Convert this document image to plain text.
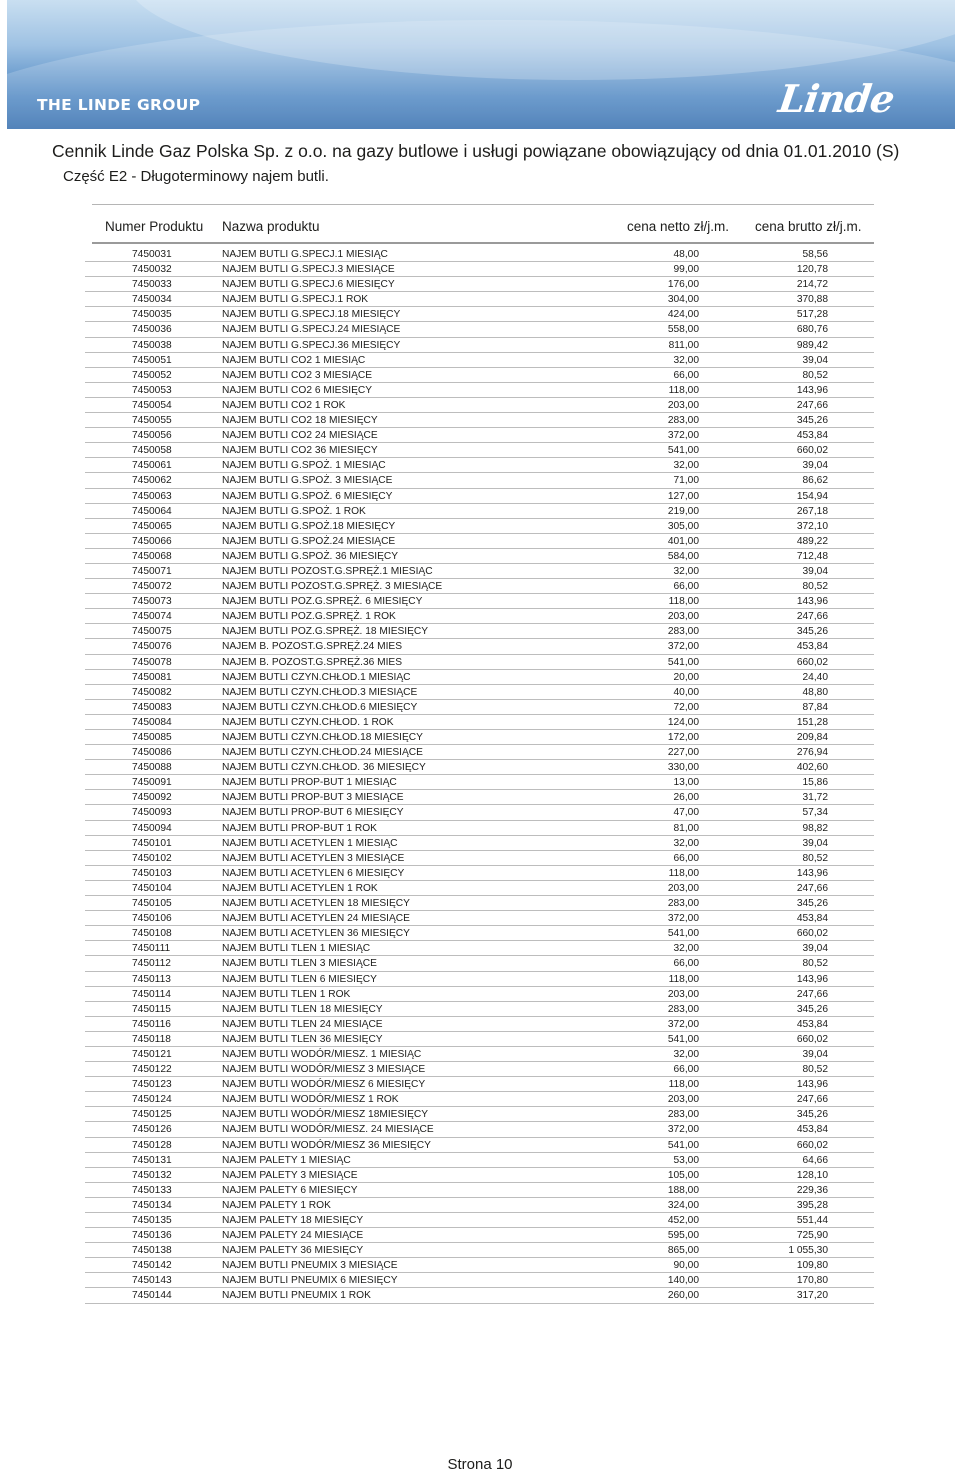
THE LINDE GROUP	Linde
Cennik Linde Gaz Polska Sp. z o.o. na gazy butlowe i usługi powiązane obowiązujący od dnia 01.01.2010 (S)
Część E2 - Długoterminowy najem butli.
Numer Produktu Nazwa produktu	cena netto zł/j.m. cena brutto zł/j.m.
7450031	NAJEM BUTLI G.SPECJ.1 MIESIĄC	48,00	58,56
7450032	NAJEM BUTLI G.SPECJ.3 MIESIĄCE	99,00	120,78
7450033	NAJEM BUTLI G.SPECJ.6 MIESIĘCY	176,00	214,72
7450034	NAJEM BUTLI G.SPECJ.1 ROK	304,00	370,88
7450035	NAJEM BUTLI G.SPECJ.18 MIESIĘCY	424,00	517,28
7450036	NAJEM BUTLI G.SPECJ.24 MIESIĄCE	558,00	680,76
7450038	NAJEM BUTLI G.SPECJ.36 MIESIĘCY	811,00	989,42
7450051	NAJEM BUTLI CO2 1 MIESIĄC	32,00	39,04
7450052	NAJEM BUTLI CO2 3 MIESIĄCE	66,00	80,52
7450053	NAJEM BUTLI CO2 6 MIESIĘCY	118,00	143,96
7450054	NAJEM BUTLI CO2 1 ROK	203,00	247,66
7450055	NAJEM BUTLI CO2 18 MIESIĘCY	283,00	345,26
7450056	NAJEM BUTLI CO2 24 MIESIĄCE	372,00	453,84
7450058	NAJEM BUTLI CO2 36 MIESIĘCY	541,00	660,02
7450061	NAJEM BUTLI G.SPOŻ. 1 MIESIĄC	32,00	39,04
7450062	NAJEM BUTLI G.SPOŻ. 3 MIESIĄCE	71,00	86,62
7450063	NAJEM BUTLI G.SPOŻ. 6 MIESIĘCY	127,00	154,94
7450064	NAJEM BUTLI G.SPOŻ. 1 ROK	219,00	267,18
7450065	NAJEM BUTLI G.SPOŻ.18 MIESIĘCY	305,00	372,10
7450066	NAJEM BUTLI G.SPOŻ.24 MIESIĄCE	401,00	489,22
7450068	NAJEM BUTLI G.SPOŻ. 36 MIESIĘCY	584,00	712,48
7450071	NAJEM BUTLI POZOST.G.SPRĘŻ.1 MIESIĄC	32,00	39,04
7450072	NAJEM BUTLI POZOST.G.SPRĘŻ. 3 MIESIĄCE	66,00	80,52
7450073	NAJEM BUTLI POZ.G.SPRĘŻ. 6 MIESIĘCY	118,00	143,96
7450074	NAJEM BUTLI POZ.G.SPRĘŻ. 1 ROK	203,00	247,66
7450075	NAJEM BUTLI POZ.G.SPRĘŻ. 18 MIESIĘCY	283,00	345,26
7450076	NAJEM B. POZOST.G.SPRĘŻ.24 MIES	372,00	453,84
7450078	NAJEM B. POZOST.G.SPRĘŻ.36 MIES	541,00	660,02
7450081	NAJEM BUTLI CZYN.CHŁOD.1 MIESIĄC	20,00	24,40
7450082	NAJEM BUTLI CZYN.CHŁOD.3 MIESIĄCE	40,00	48,80
7450083	NAJEM BUTLI CZYN.CHŁOD.6 MIESIĘCY	72,00	87,84
7450084	NAJEM BUTLI CZYN.CHŁOD. 1 ROK	124,00	151,28
7450085	NAJEM BUTLI CZYN.CHŁOD.18 MIESIĘCY	172,00	209,84
7450086	NAJEM BUTLI CZYN.CHŁOD.24 MIESIĄCE	227,00	276,94
7450088	NAJEM BUTLI CZYN.CHŁOD. 36 MIESIĘCY	330,00	402,60
7450091	NAJEM BUTLI PROP-BUT 1 MIESIĄC	13,00	15,86
7450092	NAJEM BUTLI PROP-BUT 3 MIESIĄCE	26,00	31,72
7450093	NAJEM BUTLI PROP-BUT 6 MIESIĘCY	47,00	57,34
7450094	NAJEM BUTLI PROP-BUT 1 ROK	81,00	98,82
7450101	NAJEM BUTLI ACETYLEN 1 MIESIĄC	32,00	39,04
7450102	NAJEM BUTLI ACETYLEN 3 MIESIĄCE	66,00	80,52
7450103	NAJEM BUTLI ACETYLEN 6 MIESIĘCY	118,00	143,96
7450104	NAJEM BUTLI ACETYLEN 1 ROK	203,00	247,66
7450105	NAJEM BUTLI ACETYLEN 18 MIESIĘCY	283,00	345,26
7450106	NAJEM BUTLI ACETYLEN 24 MIESIĄCE	372,00	453,84
7450108	NAJEM BUTLI ACETYLEN 36 MIESIĘCY	541,00	660,02
7450111	NAJEM BUTLI TLEN 1 MIESIĄC	32,00	39,04
7450112	NAJEM BUTLI TLEN 3 MIESIĄCE	66,00	80,52
7450113	NAJEM BUTLI TLEN 6 MIESIĘCY	118,00	143,96
7450114	NAJEM BUTLI TLEN 1 ROK	203,00	247,66
7450115	NAJEM BUTLI TLEN 18 MIESIĘCY	283,00	345,26
7450116	NAJEM BUTLI TLEN 24 MIESIĄCE	372,00	453,84
7450118	NAJEM BUTLI TLEN 36 MIESIĘCY	541,00	660,02
7450121	NAJEM BUTLI WODÓR/MIESZ. 1 MIESIĄC	32,00	39,04
7450122	NAJEM BUTLI WODÓR/MIESZ 3 MIESIĄCE	66,00	80,52
7450123	NAJEM BUTLI WODÓR/MIESZ 6 MIESIĘCY	118,00	143,96
7450124	NAJEM BUTLI WODÓR/MIESZ 1 ROK	203,00	247,66
7450125	NAJEM BUTLI WODÓR/MIESZ 18MIESIĘCY	283,00	345,26
7450126	NAJEM BUTLI WODÓR/MIESZ. 24 MIESIĄCE	372,00	453,84
7450128	NAJEM BUTLI WODÓR/MIESZ 36 MIESIĘCY	541,00	660,02
7450131	NAJEM PALETY 1 MIESIĄC	53,00	64,66
7450132	NAJEM PALETY 3 MIESIĄCE	105,00	128,10
7450133	NAJEM PALETY 6 MIESIĘCY	188,00	229,36
7450134	NAJEM PALETY 1 ROK	324,00	395,28
7450135	NAJEM PALETY 18 MIESIĘCY	452,00	551,44
7450136	NAJEM PALETY 24 MIESIĄCE	595,00	725,90
7450138	NAJEM PALETY 36 MIESIĘCY	865,00	1 055,30
7450142	NAJEM BUTLI PNEUMIX 3 MIESIĄCE	90,00	109,80
7450143	NAJEM BUTLI PNEUMIX 6 MIESIĘCY	140,00	170,80
7450144	NAJEM BUTLI PNEUMIX 1 ROK	260,00	317,20
Strona 10
